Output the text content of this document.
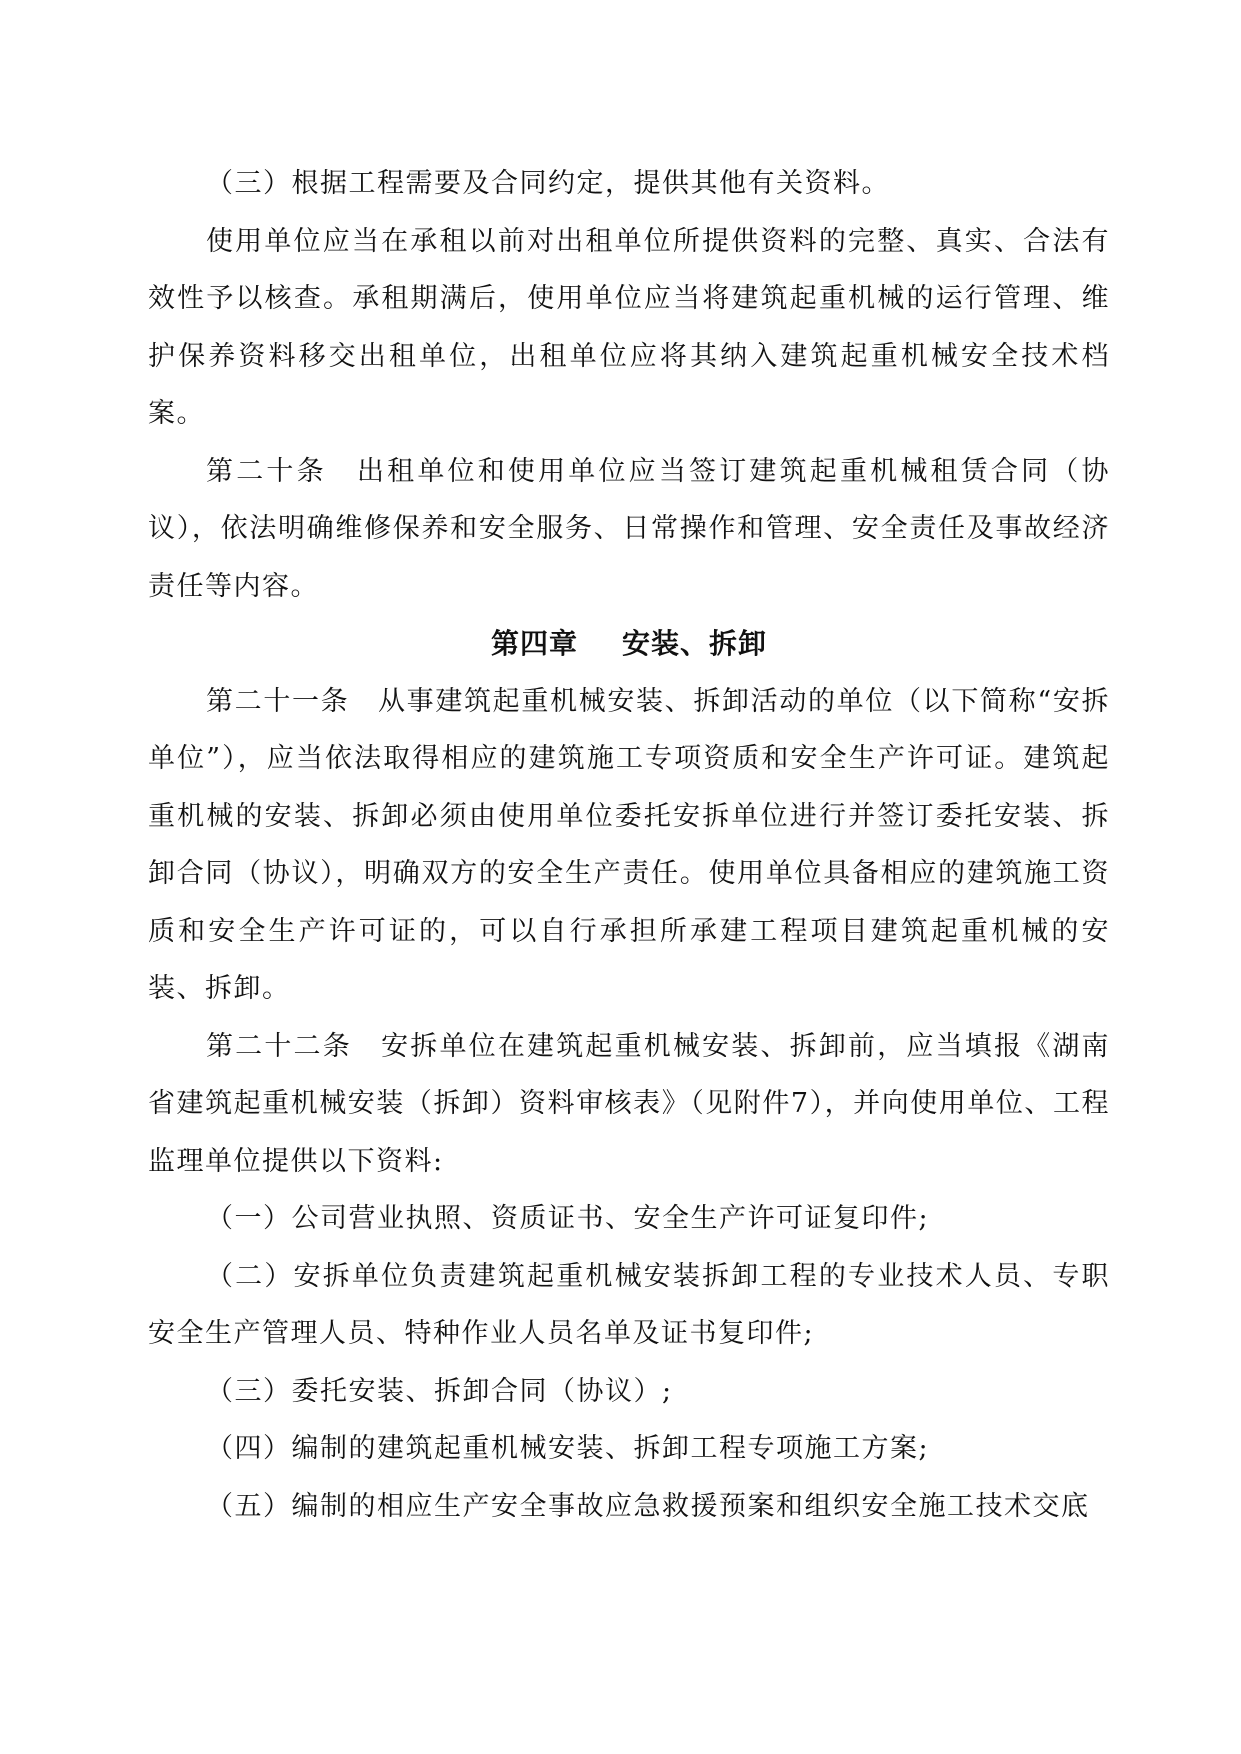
（三）根据工程需要及合同约定，提供其他有关资料。

使用单位应当在承租以前对出租单位所提供资料的完整、真实、合法有效性予以核查。承租期满后，使用单位应当将建筑起重机械的运行管理、维护保养资料移交出租单位，出租单位应将其纳入建筑起重机械安全技术档案。

第二十条　出租单位和使用单位应当签订建筑起重机械租赁合同（协议），依法明确维修保养和安全服务、日常操作和管理、安全责任及事故经济责任等内容。

第四章 安装、拆卸

第二十一条　从事建筑起重机械安装、拆卸活动的单位（以下简称“安拆单位”），应当依法取得相应的建筑施工专项资质和安全生产许可证。建筑起重机械的安装、拆卸必须由使用单位委托安拆单位进行并签订委托安装、拆卸合同（协议），明确双方的安全生产责任。使用单位具备相应的建筑施工资质和安全生产许可证的，可以自行承担所承建工程项目建筑起重机械的安装、拆卸。

第二十二条　安拆单位在建筑起重机械安装、拆卸前，应当填报《湖南省建筑起重机械安装（拆卸）资料审核表》（见附件7），并向使用单位、工程监理单位提供以下资料:

（一）公司营业执照、资质证书、安全生产许可证复印件;

（二）安拆单位负责建筑起重机械安装拆卸工程的专业技术人员、专职安全生产管理人员、特种作业人员名单及证书复印件;

（三）委托安装、拆卸合同（协议）;

（四）编制的建筑起重机械安装、拆卸工程专项施工方案;

（五）编制的相应生产安全事故应急救援预案和组织安全施工技术交底
